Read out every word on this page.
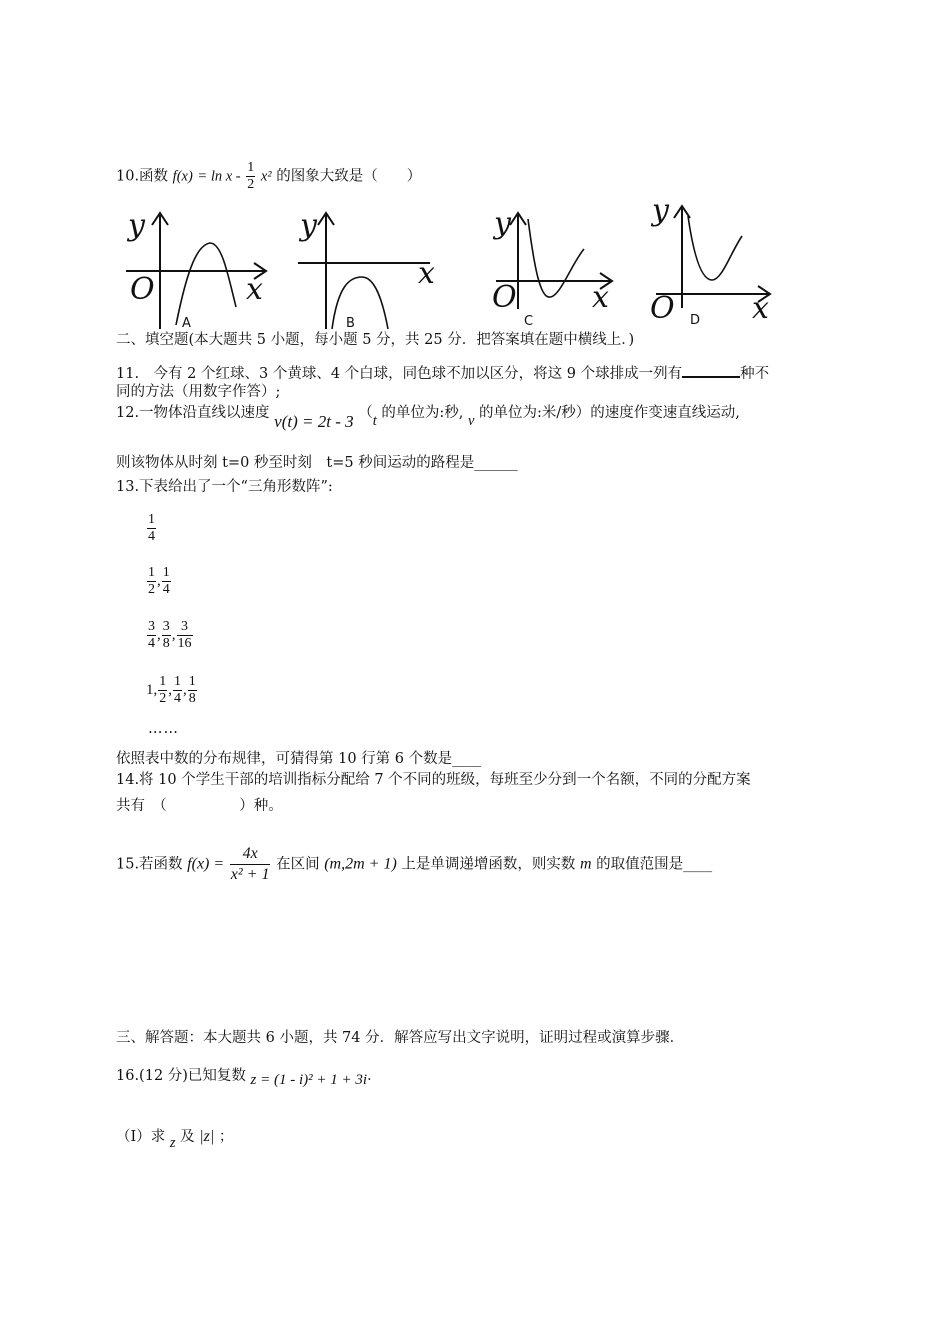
10.函数 $f(x) = \ln x - \frac{1}{2} x^2$ 的图象大致是（　　）
y
O	x
A
y
x
B
y
O	x
C
y
O	x
D
二、填空题(本大题共 5 小题，每小题 5 分，共 25 分．把答案填在题中横线上．)
11.　今有 2 个红球、3 个黄球、4 个白球，同色球不加以区分，将这 9 个球排成一列有	种不
同的方法（用数字作答）;
12.一物体沿直线以速度 v(t) = 2t - 3 （t 的单位为:秒, v 的单位为:米/秒）的速度作变速直线运动,
则该物体从时刻 t=0 秒至时刻　t=5 秒间运动的路程是______
13.下表给出了一个“三角形数阵”:
$\frac{1}{4}$
$\frac{1}{2}$ , $\frac{1}{4}$
$\frac{3}{4}$ , $\frac{3}{8}$ , $\frac{3}{16}$
1, $\frac{1}{2}$ , $\frac{1}{4}$ , $\frac{1}{8}$
……
依照表中数的分布规律，可猜得第 10 行第 6 个数是____
14.将 10 个学生干部的培训指标分配给 7 个不同的班级，每班至少分到一个名额，不同的分配方案
共有　（　　　　　）种。
15.若函数 $f(x) = \frac{4x}{\text{x² + 1}}$ 在区间 (m,2m + 1) 上是单调递增函数，则实数 m 的取值范围是____
三、解答题：本大题共 6 小题，共 74 分．解答应写出文字说明，证明过程或演算步骤．
16.(12 分)已知复数 z = (1 - i)² + 1 + 3i．
（Ⅰ）求 z 及 |z| ；
